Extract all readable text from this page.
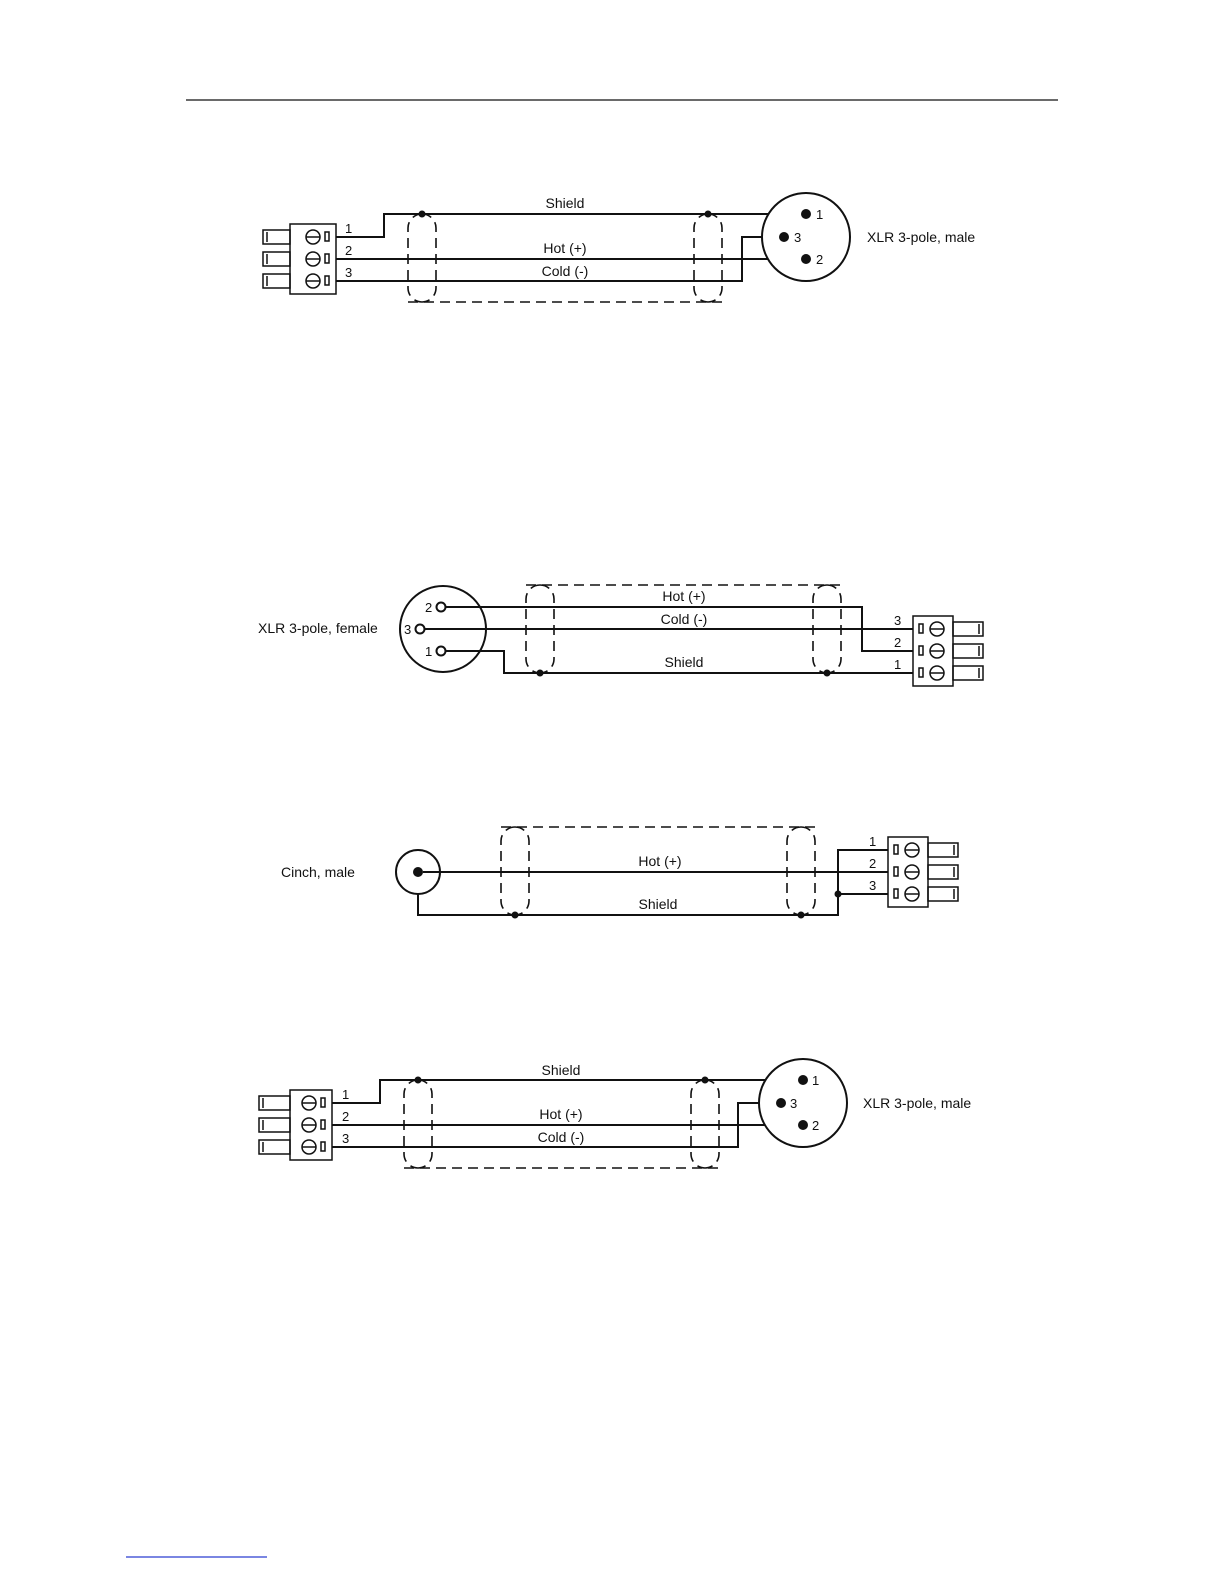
1
2
3
Shield
Hot (+)
Cold (-)
1
3
2
XLR 3-pole, male
XLR 3-pole, female
2
3
1
Hot (+)
Cold (-)
Shield
3
2
1
Cinch, male
Hot (+)
Shield
1
2
3
1
2
3
Shield
Hot (+)
Cold (-)
1
3
2
XLR 3-pole, male
